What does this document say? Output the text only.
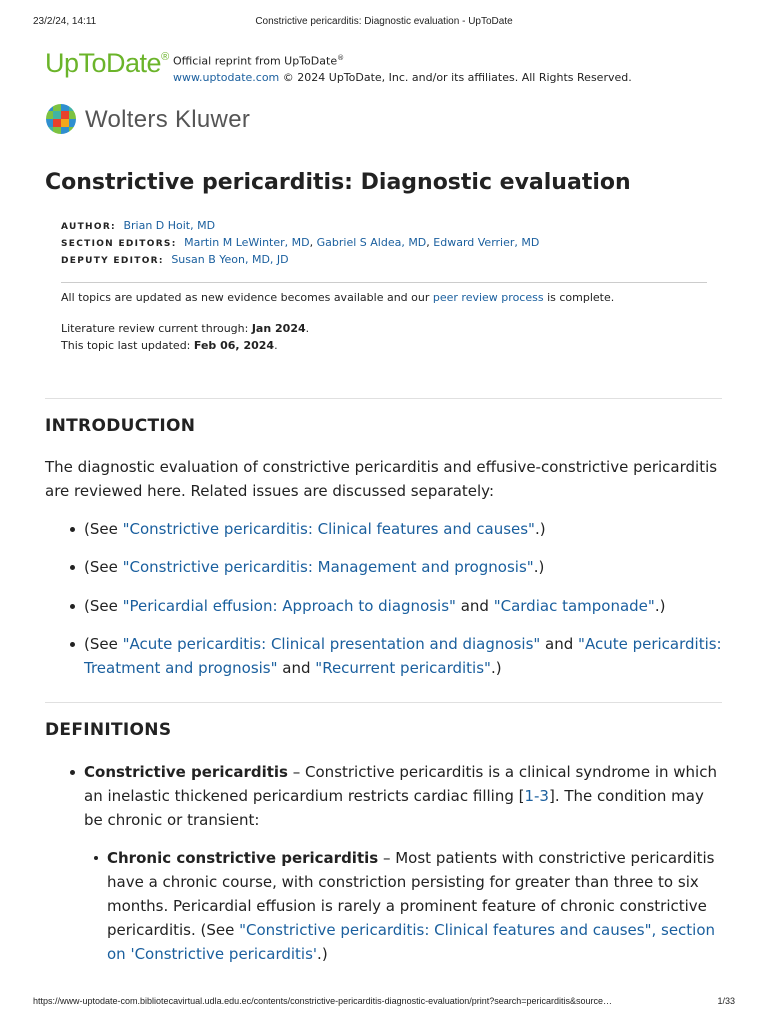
23/2/24, 14:11	Constrictive pericarditis: Diagnostic evaluation - UpToDate
UpToDate® Official reprint from UpToDate®
www.uptodate.com © 2024 UpToDate, Inc. and/or its affiliates. All Rights Reserved.
Wolters Kluwer
Constrictive pericarditis: Diagnostic evaluation
AUTHOR: Brian D Hoit, MD
SECTION EDITORS: Martin M LeWinter, MD, Gabriel S Aldea, MD, Edward Verrier, MD
DEPUTY EDITOR: Susan B Yeon, MD, JD
All topics are updated as new evidence becomes available and our peer review process is complete.
Literature review current through: Jan 2024.
This topic last updated: Feb 06, 2024.
INTRODUCTION

The diagnostic evaluation of constrictive pericarditis and effusive-constrictive pericarditis are reviewed here. Related issues are discussed separately:

(See "Constrictive pericarditis: Clinical features and causes".)
(See "Constrictive pericarditis: Management and prognosis".)
(See "Pericardial effusion: Approach to diagnosis" and "Cardiac tamponade".)
(See "Acute pericarditis: Clinical presentation and diagnosis" and "Acute pericarditis: Treatment and prognosis" and "Recurrent pericarditis".)
DEFINITIONS
Constrictive pericarditis – Constrictive pericarditis is a clinical syndrome in which an inelastic thickened pericardium restricts cardiac filling [1-3]. The condition may be chronic or transient:
Chronic constrictive pericarditis – Most patients with constrictive pericarditis have a chronic course, with constriction persisting for greater than three to six months. Pericardial effusion is rarely a prominent feature of chronic constrictive pericarditis. (See "Constrictive pericarditis: Clinical features and causes", section on 'Constrictive pericarditis'.)
https://www-uptodate-com.bibliotecavirtual.udla.edu.ec/contents/constrictive-pericarditis-diagnostic-evaluation/print?search=pericarditis&source…	1/33
